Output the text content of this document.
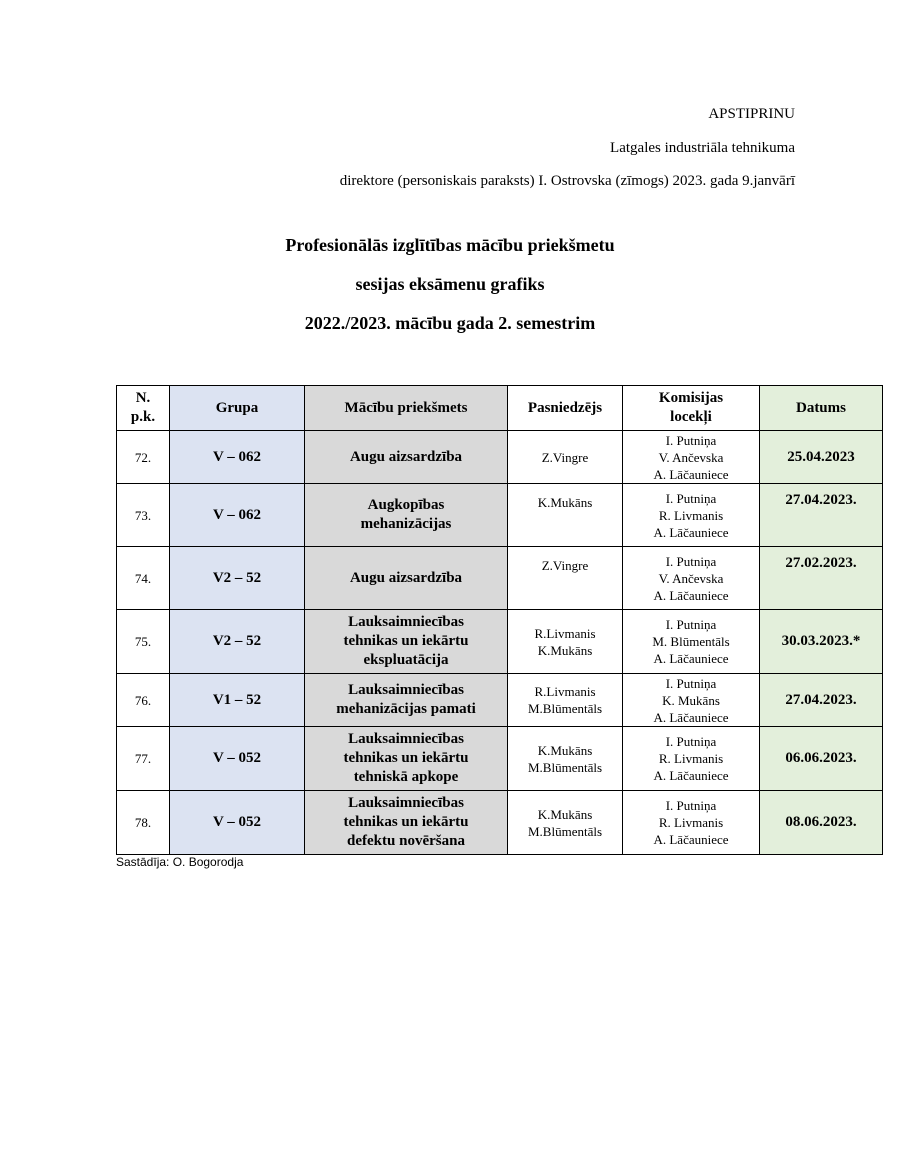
APSTIPRINU
Latgales industriāla tehnikuma
direktore (personiskais paraksts) I. Ostrovska (zīmogs) 2023. gada 9.janvārī
Profesionālās izglītības mācību priekšmetu
sesijas eksāmenu grafiks
2022./2023. mācību gada 2. semestrim
N.
p.k.	Grupa	Mācību priekšmets	Pasniedzējs	Komisijas
locekļi	Datums
72.	V – 062	Augu aizsardzība	Z.Vingre	I. Putniņa
V. Ančevska
A. Lāčauniece	25.04.2023
73.	V – 062	Augkopības
mehanizācijas	K.Mukāns	I. Putniņa
R. Livmanis
A. Lāčauniece	27.04.2023.
74.	V2 – 52	Augu aizsardzība	Z.Vingre	I. Putniņa
V. Ančevska
A. Lāčauniece	27.02.2023.
75.	V2 – 52	Lauksaimniecības
tehnikas un iekārtu
ekspluatācija	R.Livmanis
K.Mukāns	I. Putniņa
M. Blūmentāls
A. Lāčauniece	30.03.2023.*
76.	V1 – 52	Lauksaimniecības
mehanizācijas pamati	R.Livmanis
M.Blūmentāls	I. Putniņa
K. Mukāns
A. Lāčauniece	27.04.2023.
77.	V – 052	Lauksaimniecības
tehnikas un iekārtu
tehniskā apkope	K.Mukāns
M.Blūmentāls	I. Putniņa
R. Livmanis
A. Lāčauniece	06.06.2023.
78.	V – 052	Lauksaimniecības
tehnikas un iekārtu
defektu novēršana	K.Mukāns
M.Blūmentāls	I. Putniņa
R. Livmanis
A. Lāčauniece	08.06.2023.
Sastādīja: O. Bogorodja
